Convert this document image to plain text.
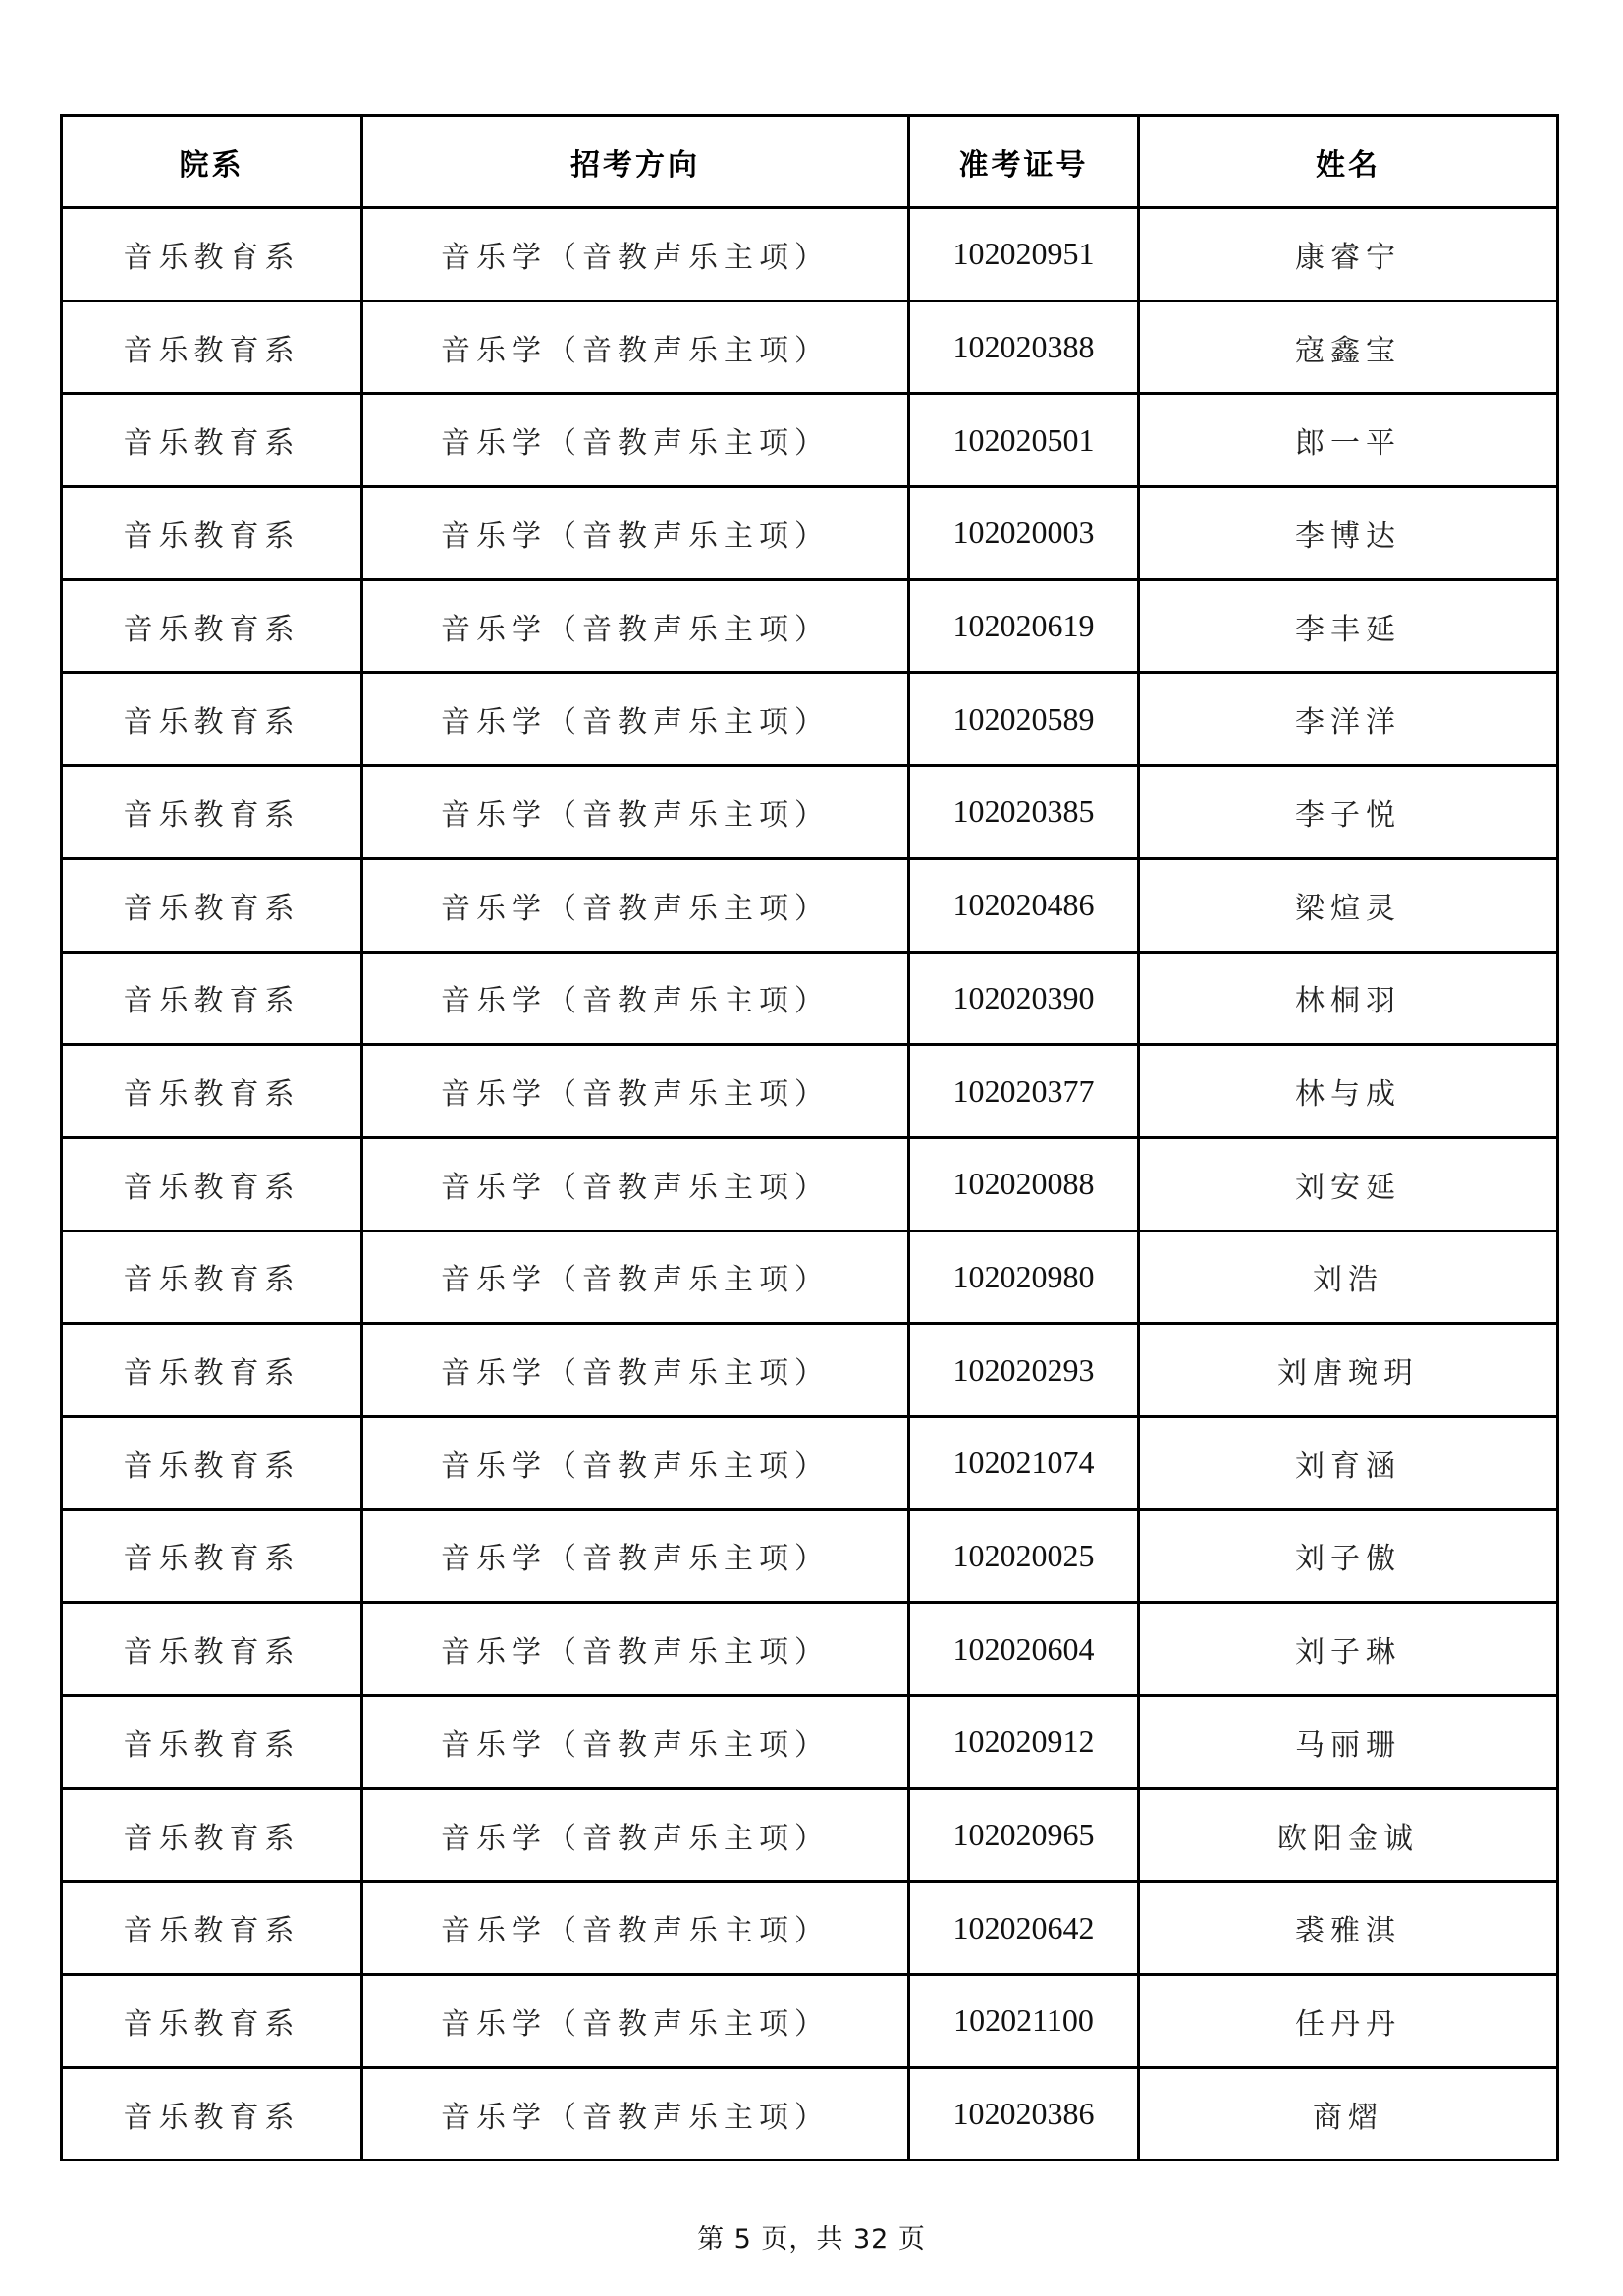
院系	招考方向	准考证号	姓名
音乐教育系	音乐学（音教声乐主项）	102020951	康睿宁
音乐教育系	音乐学（音教声乐主项）	102020388	寇鑫宝
音乐教育系	音乐学（音教声乐主项）	102020501	郎一平
音乐教育系	音乐学（音教声乐主项）	102020003	李博达
音乐教育系	音乐学（音教声乐主项）	102020619	李丰延
音乐教育系	音乐学（音教声乐主项）	102020589	李洋洋
音乐教育系	音乐学（音教声乐主项）	102020385	李子悦
音乐教育系	音乐学（音教声乐主项）	102020486	梁煊灵
音乐教育系	音乐学（音教声乐主项）	102020390	林桐羽
音乐教育系	音乐学（音教声乐主项）	102020377	林与成
音乐教育系	音乐学（音教声乐主项）	102020088	刘安延
音乐教育系	音乐学（音教声乐主项）	102020980	刘浩
音乐教育系	音乐学（音教声乐主项）	102020293	刘唐琬玥
音乐教育系	音乐学（音教声乐主项）	102021074	刘育涵
音乐教育系	音乐学（音教声乐主项）	102020025	刘子傲
音乐教育系	音乐学（音教声乐主项）	102020604	刘子琳
音乐教育系	音乐学（音教声乐主项）	102020912	马丽珊
音乐教育系	音乐学（音教声乐主项）	102020965	欧阳金诚
音乐教育系	音乐学（音教声乐主项）	102020642	裘雅淇
音乐教育系	音乐学（音教声乐主项）	102021100	任丹丹
音乐教育系	音乐学（音教声乐主项）	102020386	商熠
第 5 页，共 32 页
